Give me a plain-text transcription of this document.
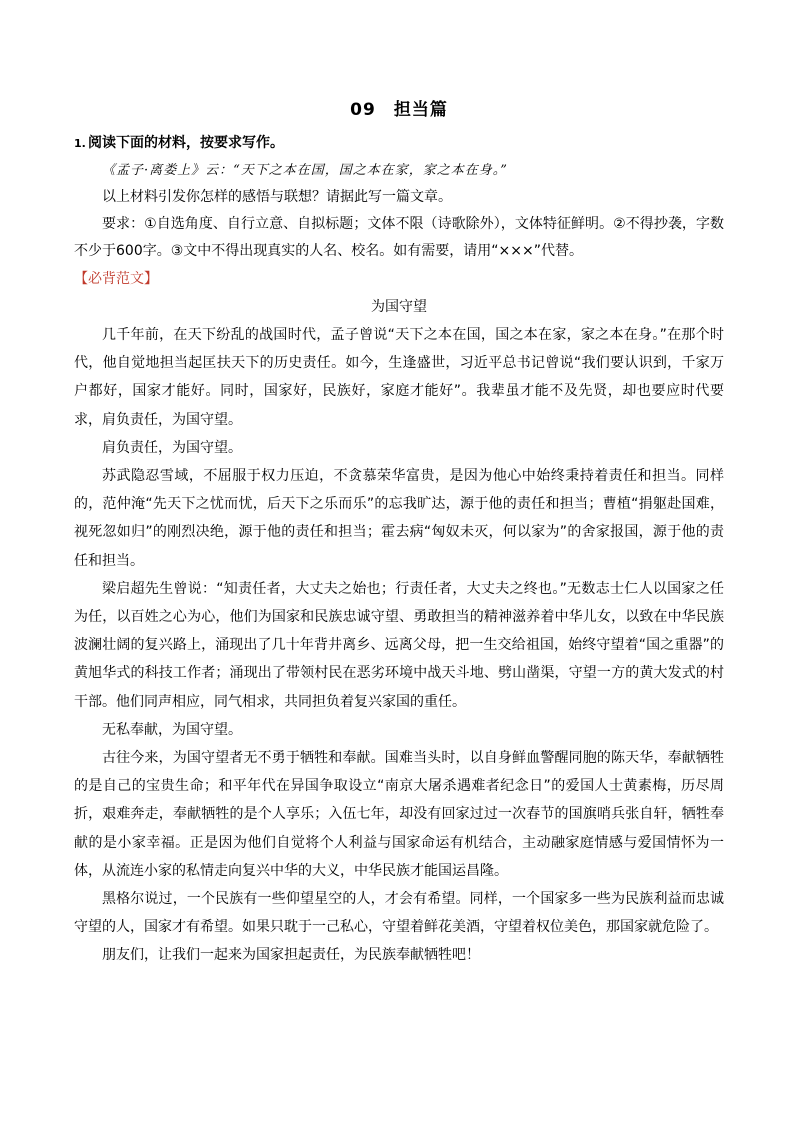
09　担当篇

1. 阅读下面的材料，按要求写作。

《孟子·离娄上》云：“天下之本在国，国之本在家，家之本在身。”

以上材料引发你怎样的感悟与联想？请据此写一篇文章。

要求：①自选角度、自行立意、自拟标题；文体不限（诗歌除外），文体特征鲜明。②不得抄袭，字数不少于600字。③文中不得出现真实的人名、校名。如有需要，请用“×××”代替。

【必背范文】

为国守望

几千年前，在天下纷乱的战国时代，孟子曾说“天下之本在国，国之本在家，家之本在身。”在那个时代，他自觉地担当起匡扶天下的历史责任。如今，生逢盛世，习近平总书记曾说“我们要认识到，千家万户都好，国家才能好。同时，国家好，民族好，家庭才能好”。我辈虽才能不及先贤，却也要应时代要求，肩负责任，为国守望。

肩负责任，为国守望。

苏武隐忍雪域，不屈服于权力压迫，不贪慕荣华富贵，是因为他心中始终秉持着责任和担当。同样的，范仲淹“先天下之忧而忧，后天下之乐而乐”的忘我旷达，源于他的责任和担当；曹植“捐躯赴国难，视死忽如归”的刚烈决绝，源于他的责任和担当；霍去病“匈奴未灭，何以家为”的舍家报国，源于他的责任和担当。

梁启超先生曾说：“知责任者，大丈夫之始也；行责任者，大丈夫之终也。”无数志士仁人以国家之任为任，以百姓之心为心，他们为国家和民族忠诚守望、勇敢担当的精神滋养着中华儿女，以致在中华民族波澜壮阔的复兴路上，涌现出了几十年背井离乡、远离父母，把一生交给祖国，始终守望着“国之重器”的黄旭华式的科技工作者；涌现出了带领村民在恶劣环境中战天斗地、劈山凿渠，守望一方的黄大发式的村干部。他们同声相应，同气相求，共同担负着复兴家国的重任。

无私奉献，为国守望。

古往今来，为国守望者无不勇于牺牲和奉献。国难当头时，以自身鲜血警醒同胞的陈天华，奉献牺牲的是自己的宝贵生命；和平年代在异国争取设立“南京大屠杀遇难者纪念日”的爱国人士黄素梅，历尽周折，艰难奔走，奉献牺牲的是个人享乐；入伍七年，却没有回家过过一次春节的国旗哨兵张自轩，牺牲奉献的是小家幸福。正是因为他们自觉将个人利益与国家命运有机结合，主动融家庭情感与爱国情怀为一体，从流连小家的私情走向复兴中华的大义，中华民族才能国运昌隆。

黑格尔说过，一个民族有一些仰望星空的人，才会有希望。同样，一个国家多一些为民族利益而忠诚守望的人，国家才有希望。如果只耽于一己私心，守望着鲜花美酒，守望着权位美色，那国家就危险了。

朋友们，让我们一起来为国家担起责任，为民族奉献牺牲吧！
